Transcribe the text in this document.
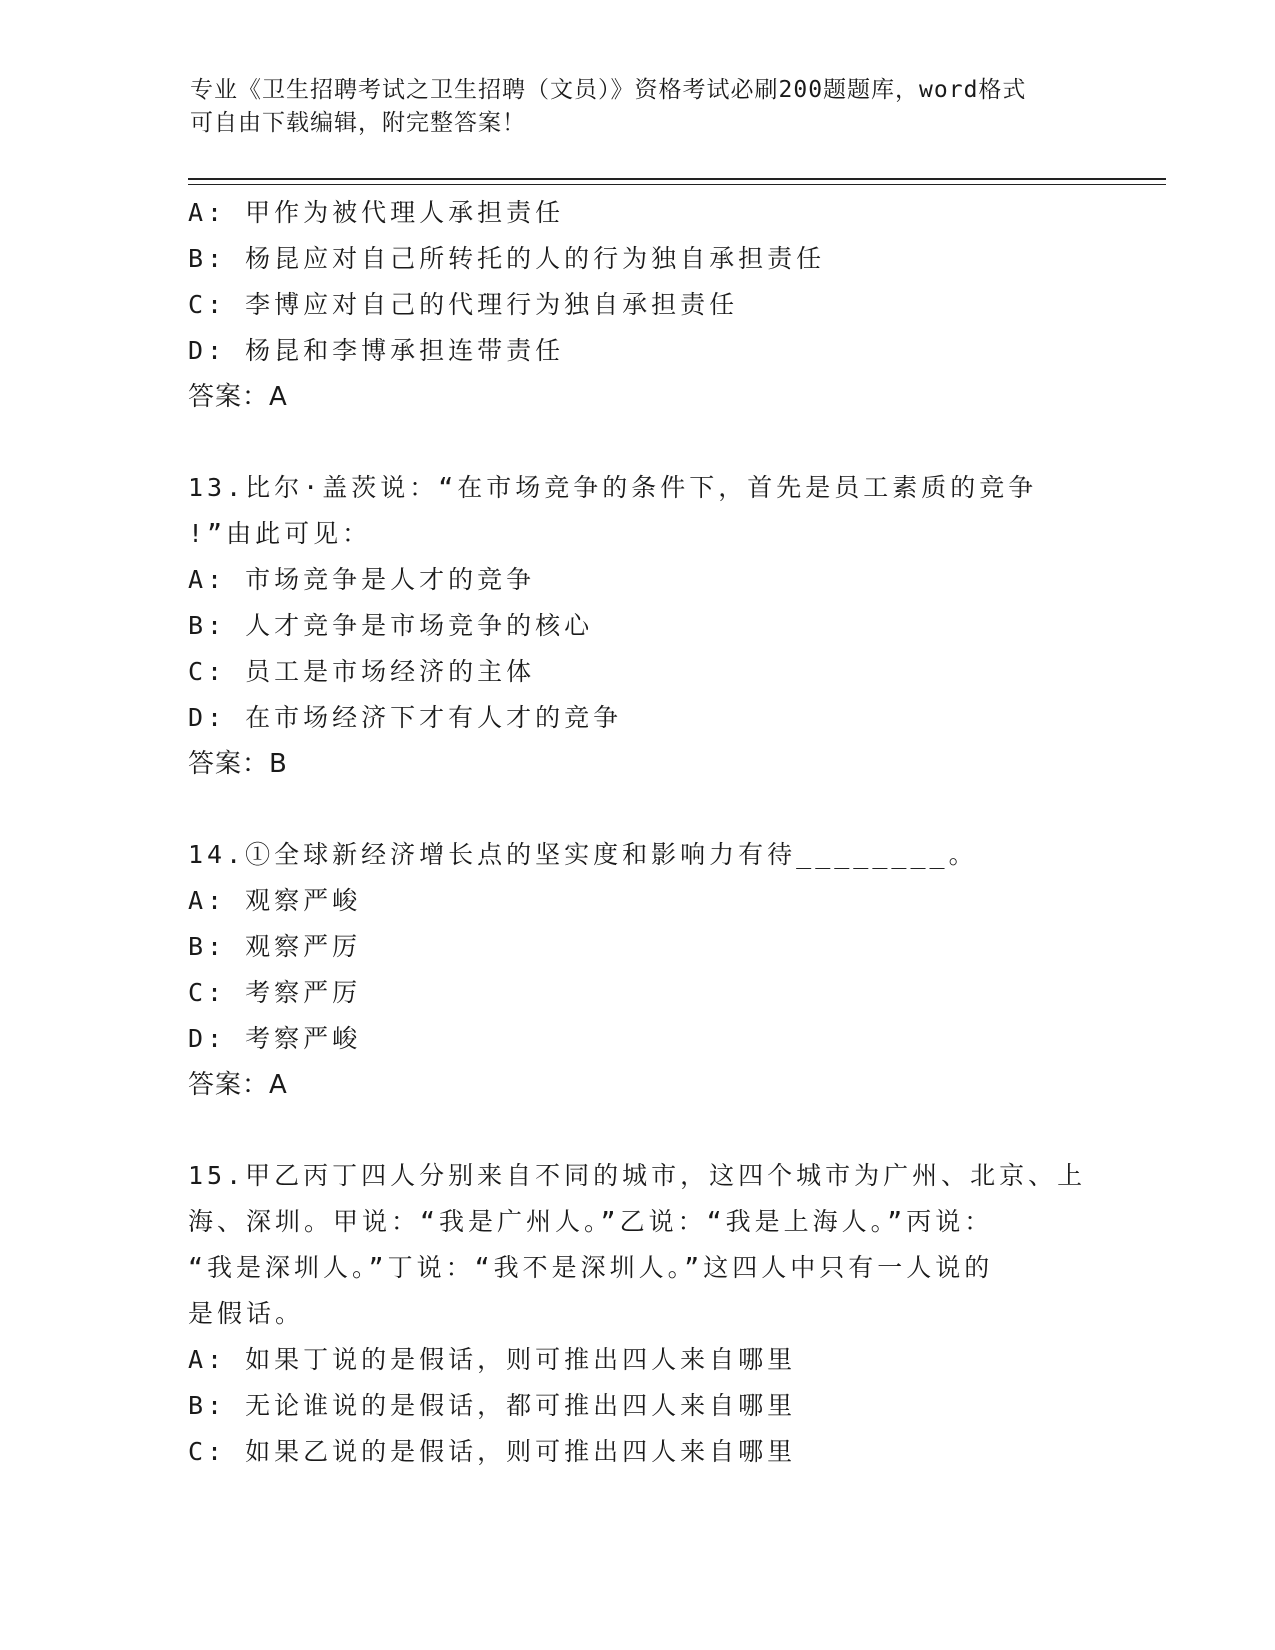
专业《卫生招聘考试之卫生招聘（文员）》资格考试必刷200题题库，word格式
可自由下载编辑，附完整答案！
A: 甲作为被代理人承担责任
B: 杨昆应对自己所转托的人的行为独自承担责任
C: 李博应对自己的代理行为独自承担责任
D: 杨昆和李博承担连带责任
答案：A
13.比尔·盖茨说：“在市场竞争的条件下，首先是员工素质的竞争
!”由此可见：
A: 市场竞争是人才的竞争
B: 人才竞争是市场竞争的核心
C: 员工是市场经济的主体
D: 在市场经济下才有人才的竞争
答案：B
14.①全球新经济增长点的坚实度和影响力有待________。
A: 观察严峻
B: 观察严厉
C: 考察严厉
D: 考察严峻
答案：A
15.甲乙丙丁四人分别来自不同的城市，这四个城市为广州、北京、上
海、深圳。甲说：“我是广州人。”乙说：“我是上海人。”丙说：
“我是深圳人。”丁说：“我不是深圳人。”这四人中只有一人说的
是假话。
A: 如果丁说的是假话，则可推出四人来自哪里
B: 无论谁说的是假话，都可推出四人来自哪里
C: 如果乙说的是假话，则可推出四人来自哪里
